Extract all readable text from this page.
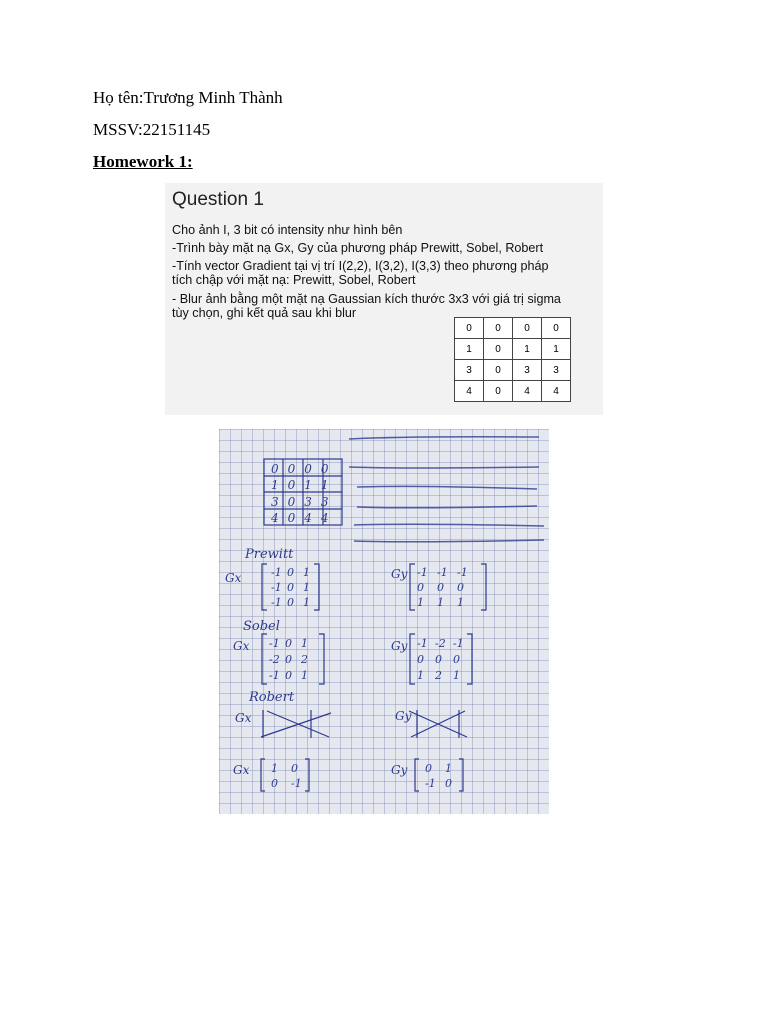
Họ tên:Trương Minh Thành
MSSV:22151145
Homework 1:
Question 1
Cho ảnh I, 3 bit có intensity như hình bên
-Trình bày mặt nạ Gx, Gy của phương pháp Prewitt, Sobel, Robert
-Tính vector Gradient tại vị trí I(2,2), I(3,2), I(3,3) theo phương pháp
tích chập với mặt nạ: Prewitt, Sobel, Robert
- Blur ảnh bằng một mặt nạ Gaussian kích thước 3x3 với giá trị sigma
tùy chọn, ghi kết quả sau khi blur
0	0	0	0
1	0	1	1
3	0	3	3
4	0	4	4
0000
1011
3033
4044
Prewitt
Gx	Gy
Sobel
Gx	Gy
Robert
Gx	Gy
Gx	Gy
-1 0 1
-1 0 1
-1 0 1
-1 -1 -1
0 0 0
1 1 1
-1 0 1
-2 0 2
-1 0 1
-1 -2 -1
0 0 0
1 2 1
1 0
0 -1
0 1
-1 0
